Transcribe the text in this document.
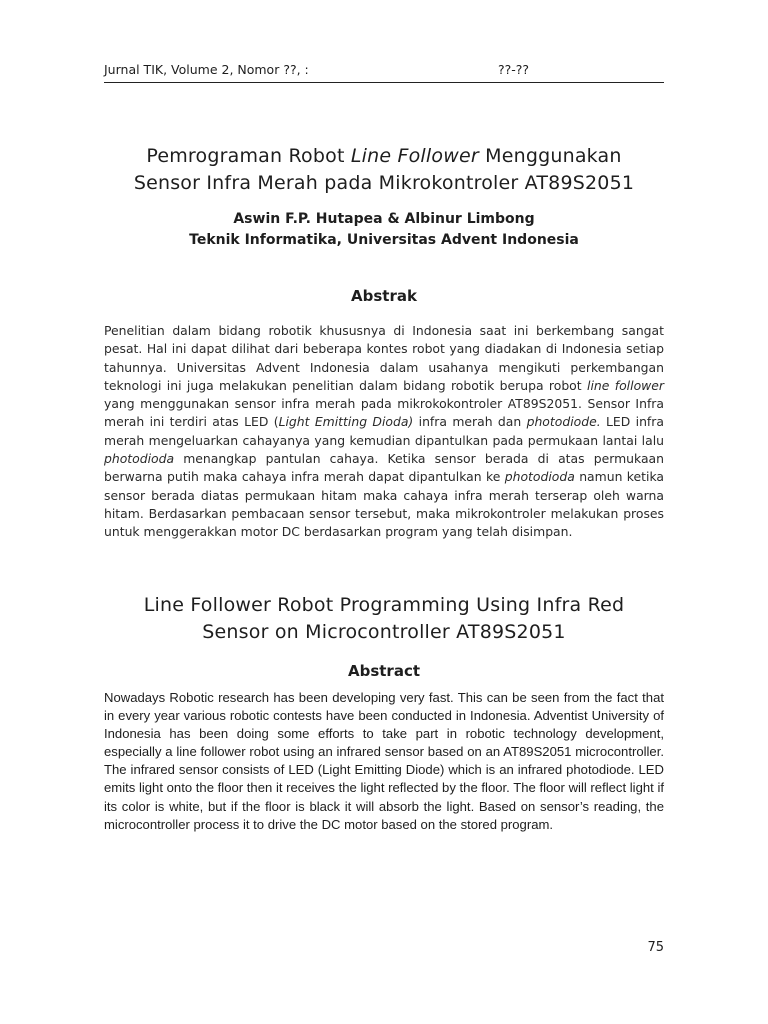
Jurnal TIK, Volume 2, Nomor ??, :	??-??
Pemrograman Robot Line Follower Menggunakan
Sensor Infra Merah pada Mikrokontroler AT89S2051
Aswin F.P. Hutapea & Albinur Limbong
Teknik Informatika, Universitas Advent Indonesia
Abstrak

Penelitian dalam bidang robotik khususnya di Indonesia saat ini berkembang sangat pesat. Hal ini dapat dilihat dari beberapa kontes robot yang diadakan di Indonesia setiap tahunnya. Universitas Advent Indonesia dalam usahanya mengikuti perkembangan teknologi ini juga melakukan penelitian dalam bidang robotik berupa robot line follower yang menggunakan sensor infra merah pada mikrokokontroler AT89S2051. Sensor Infra merah ini terdiri atas LED (Light Emitting Dioda) infra merah dan photodiode. LED infra merah mengeluarkan cahayanya yang kemudian dipantulkan pada permukaan lantai lalu photodioda menangkap pantulan cahaya. Ketika sensor berada di atas permukaan berwarna putih maka cahaya infra merah dapat dipantulkan ke photodioda namun ketika sensor berada diatas permukaan hitam maka cahaya infra merah terserap oleh warna hitam. Berdasarkan pembacaan sensor tersebut, maka mikrokontroler melakukan proses untuk menggerakkan motor DC berdasarkan program yang telah disimpan.

Line Follower Robot Programming Using Infra Red
Sensor on Microcontroller AT89S2051
Abstract

Nowadays Robotic research has been developing very fast. This can be seen from the fact that in every year various robotic contests have been conducted in Indonesia. Adventist University of Indonesia has been doing some efforts to take part in robotic technology development, especially a line follower robot using an infrared sensor based on an AT89S2051 microcontroller. The infrared sensor consists of LED (Light Emitting Diode) which is an infrared photodiode. LED emits light onto the floor then it receives the light reflected by the floor. The floor will reflect light if its color is white, but if the floor is black it will absorb the light. Based on sensor’s reading, the microcontroller process it to drive the DC motor based on the stored program.

75
